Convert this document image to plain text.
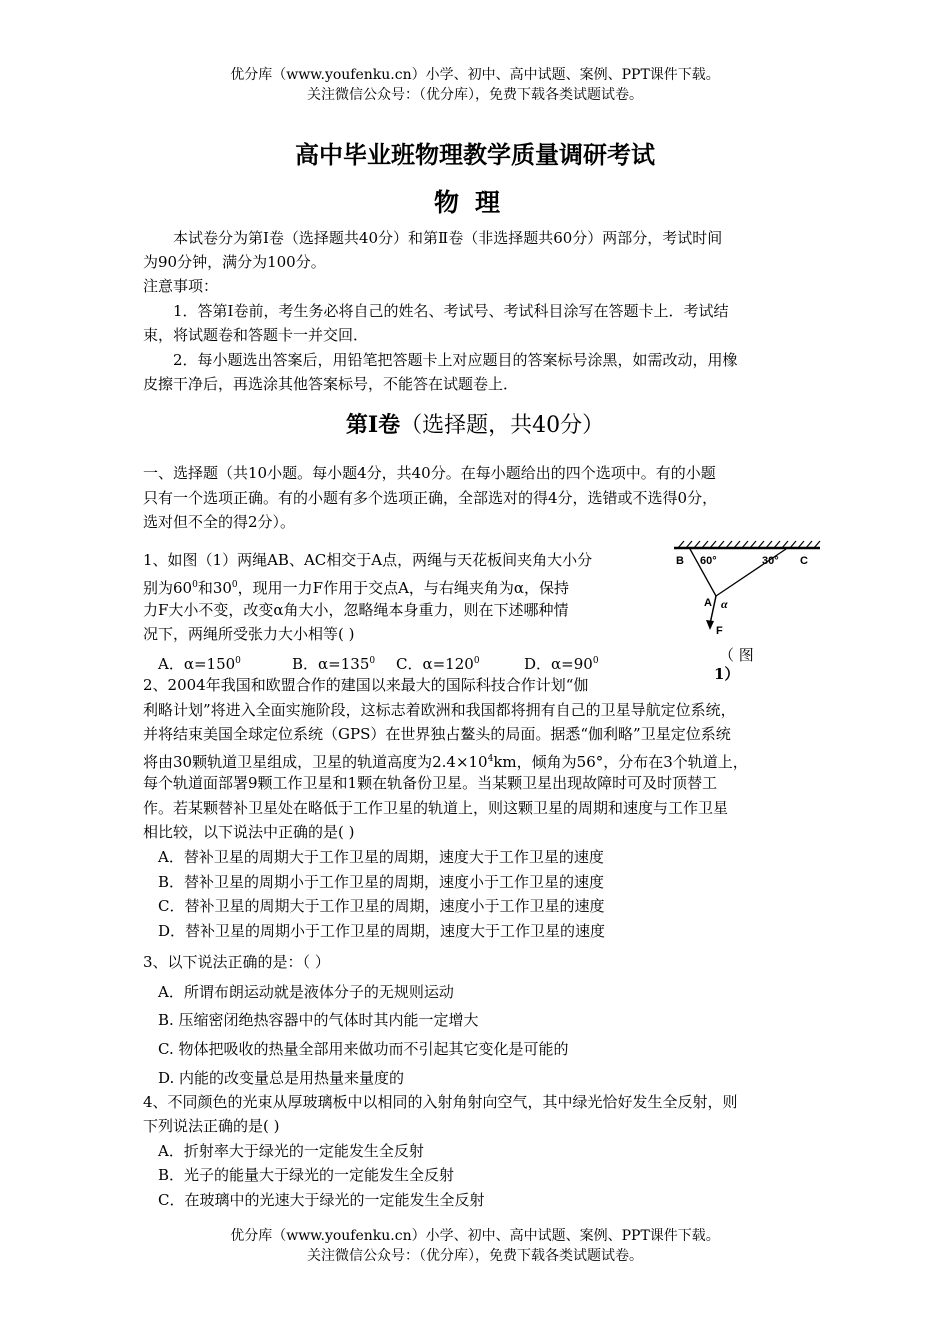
优分库（www.youfenku.cn）小学、初中、高中试题、案例、PPT课件下载。
关注微信公众号：（优分库），免费下载各类试题试卷。
高中毕业班物理教学质量调研考试
物理
本试卷分为第Ⅰ卷（选择题共40分）和第Ⅱ卷（非选择题共60分）两部分，考试时间
为90分钟，满分为100分。
注意事项：
1．答第Ⅰ卷前，考生务必将自己的姓名、考试号、考试科目涂写在答题卡上．考试结
束，将试题卷和答题卡一并交回．
2．每小题选出答案后，用铅笔把答题卡上对应题目的答案标号涂黑，如需改动，用橡
皮擦干净后，再选涂其他答案标号，不能答在试题卷上．
第Ⅰ卷（选择题，共40分）
一、选择题（共10小题。每小题4分，共40分。在每小题给出的四个选项中。有的小题
只有一个选项正确。有的小题有多个选项正确，全部选对的得4分，选错或不选得0分，
选对但不全的得2分）。
1、如图（1）两绳AB、AC相交于A点，两绳与天花板间夹角大小分
别为$60^0$和$30^0$，现用一力F作用于交点A，与右绳夹角为α，保持
力F大小不变，改变α角大小，忽略绳本身重力，则在下述哪种情
况下，两绳所受张力大小相等( )
A．$\alpha=150^0$	B．$\alpha=135^0$ C．$\alpha=120^0$	D．$\alpha=90^0$
B 60°	30° C
A α
F
（ 图
1）
2、2004年我国和欧盟合作的建国以来最大的国际科技合作计划“伽
利略计划”将进入全面实施阶段，这标志着欧洲和我国都将拥有自己的卫星导航定位系统，
并将结束美国全球定位系统（GPS）在世界独占鳌头的局面。据悉“伽利略”卫星定位系统
将由30颗轨道卫星组成，卫星的轨道高度为$2.4\times 10^4km$，倾角为56°，分布在3个轨道上，
每个轨道面部署9颗工作卫星和1颗在轨备份卫星。当某颗卫星出现故障时可及时顶替工
作。若某颗替补卫星处在略低于工作卫星的轨道上，则这颗卫星的周期和速度与工作卫星
相比较，以下说法中正确的是( )
A．替补卫星的周期大于工作卫星的周期，速度大于工作卫星的速度
B．替补卫星的周期小于工作卫星的周期，速度小于工作卫星的速度
C．替补卫星的周期大于工作卫星的周期，速度小于工作卫星的速度
D．替补卫星的周期小于工作卫星的周期，速度大于工作卫星的速度
3、以下说法正确的是：（ ）
A．所谓布朗运动就是液体分子的无规则运动
B. 压缩密闭绝热容器中的气体时其内能一定增大
C. 物体把吸收的热量全部用来做功而不引起其它变化是可能的
D. 内能的改变量总是用热量来量度的
4、不同颜色的光束从厚玻璃板中以相同的入射角射向空气，其中绿光恰好发生全反射，则
下列说法正确的是( )
A．折射率大于绿光的一定能发生全反射
B．光子的能量大于绿光的一定能发生全反射
C．在玻璃中的光速大于绿光的一定能发生全反射
优分库（www.youfenku.cn）小学、初中、高中试题、案例、PPT课件下载。
关注微信公众号：（优分库），免费下载各类试题试卷。
